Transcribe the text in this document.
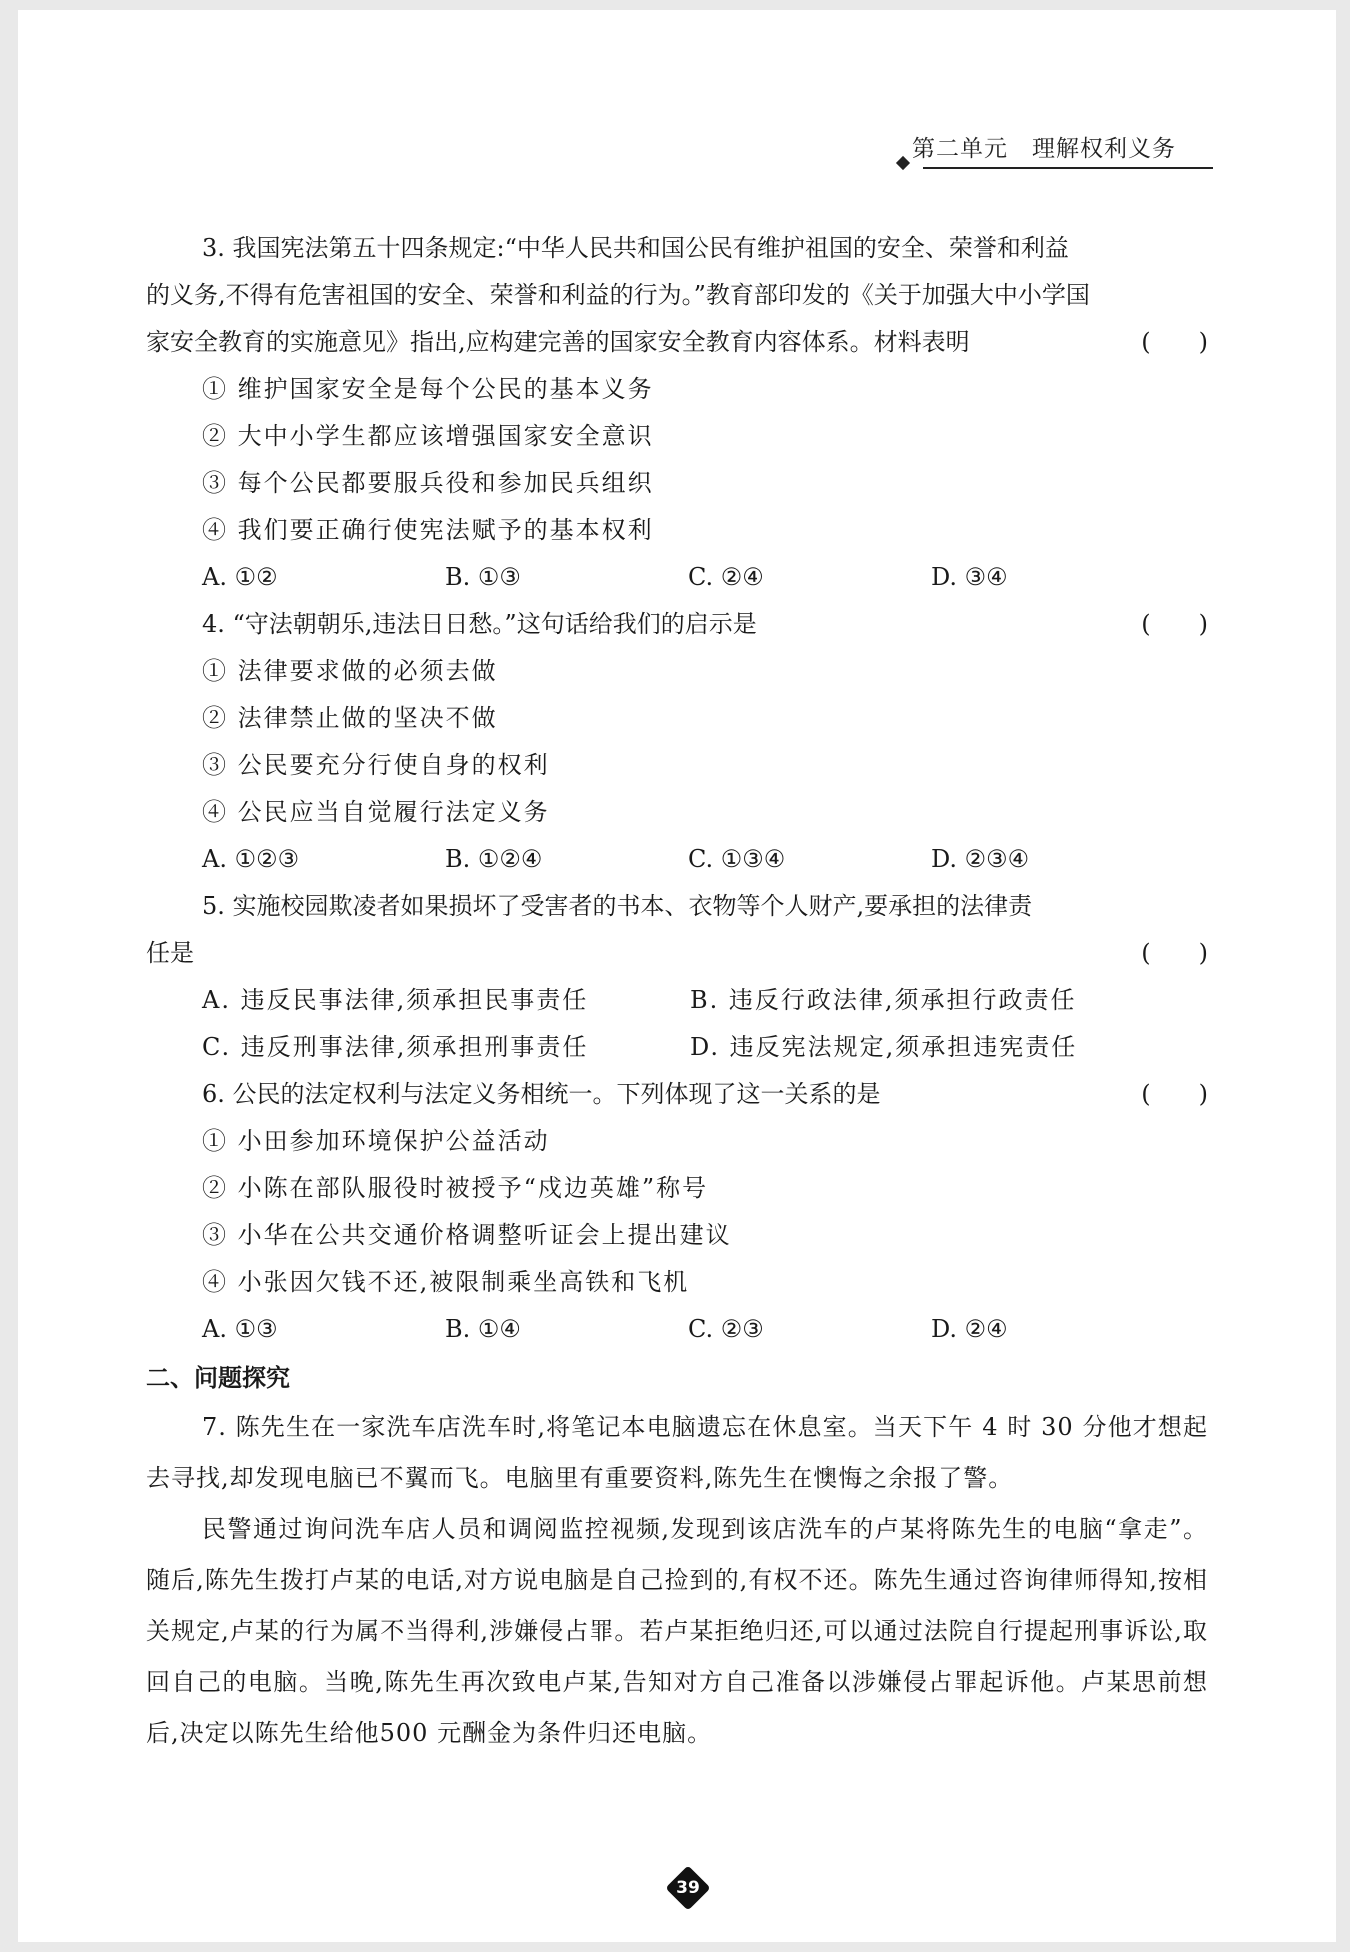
第二单元　理解权利义务

3. 我国宪法第五十四条规定:“中华人民共和国公民有维护祖国的安全、荣誉和利益

的义务,不得有危害祖国的安全、荣誉和利益的行为。”教育部印发的《关于加强大中小学国

家安全教育的实施意见》指出,应构建完善的国家安全教育内容体系。材料表明	(　　)

① 维护国家安全是每个公民的基本义务

② 大中小学生都应该增强国家安全意识

③ 每个公民都要服兵役和参加民兵组织

④ 我们要正确行使宪法赋予的基本权利

A. ①②	B. ①③	C. ②④	D. ③④

4. “守法朝朝乐,违法日日愁。”这句话给我们的启示是	(　　)

① 法律要求做的必须去做

② 法律禁止做的坚决不做

③ 公民要充分行使自身的权利

④ 公民应当自觉履行法定义务

A. ①②③	B. ①②④	C. ①③④	D. ②③④

5. 实施校园欺凌者如果损坏了受害者的书本、衣物等个人财产,要承担的法律责

任是	(　　)

A. 违反民事法律,须承担民事责任	B. 违反行政法律,须承担行政责任
C. 违反刑事法律,须承担刑事责任	D. 违反宪法规定,须承担违宪责任

6. 公民的法定权利与法定义务相统一。下列体现了这一关系的是	(　　)

① 小田参加环境保护公益活动

② 小陈在部队服役时被授予“戍边英雄”称号

③ 小华在公共交通价格调整听证会上提出建议

④ 小张因欠钱不还,被限制乘坐高铁和飞机

A. ①③	B. ①④	C. ②③	D. ②④

二、问题探究

7. 陈先生在一家洗车店洗车时,将笔记本电脑遗忘在休息室。当天下午 4 时 30 分他才想起去寻找,却发现电脑已不翼而飞。电脑里有重要资料,陈先生在懊悔之余报了警。

民警通过询问洗车店人员和调阅监控视频,发现到该店洗车的卢某将陈先生的电脑“拿走”。随后,陈先生拨打卢某的电话,对方说电脑是自己捡到的,有权不还。陈先生通过咨询律师得知,按相关规定,卢某的行为属不当得利,涉嫌侵占罪。若卢某拒绝归还,可以通过法院自行提起刑事诉讼,取回自己的电脑。当晚,陈先生再次致电卢某,告知对方自己准备以涉嫌侵占罪起诉他。卢某思前想后,决定以陈先生给他500 元酬金为条件归还电脑。

39
